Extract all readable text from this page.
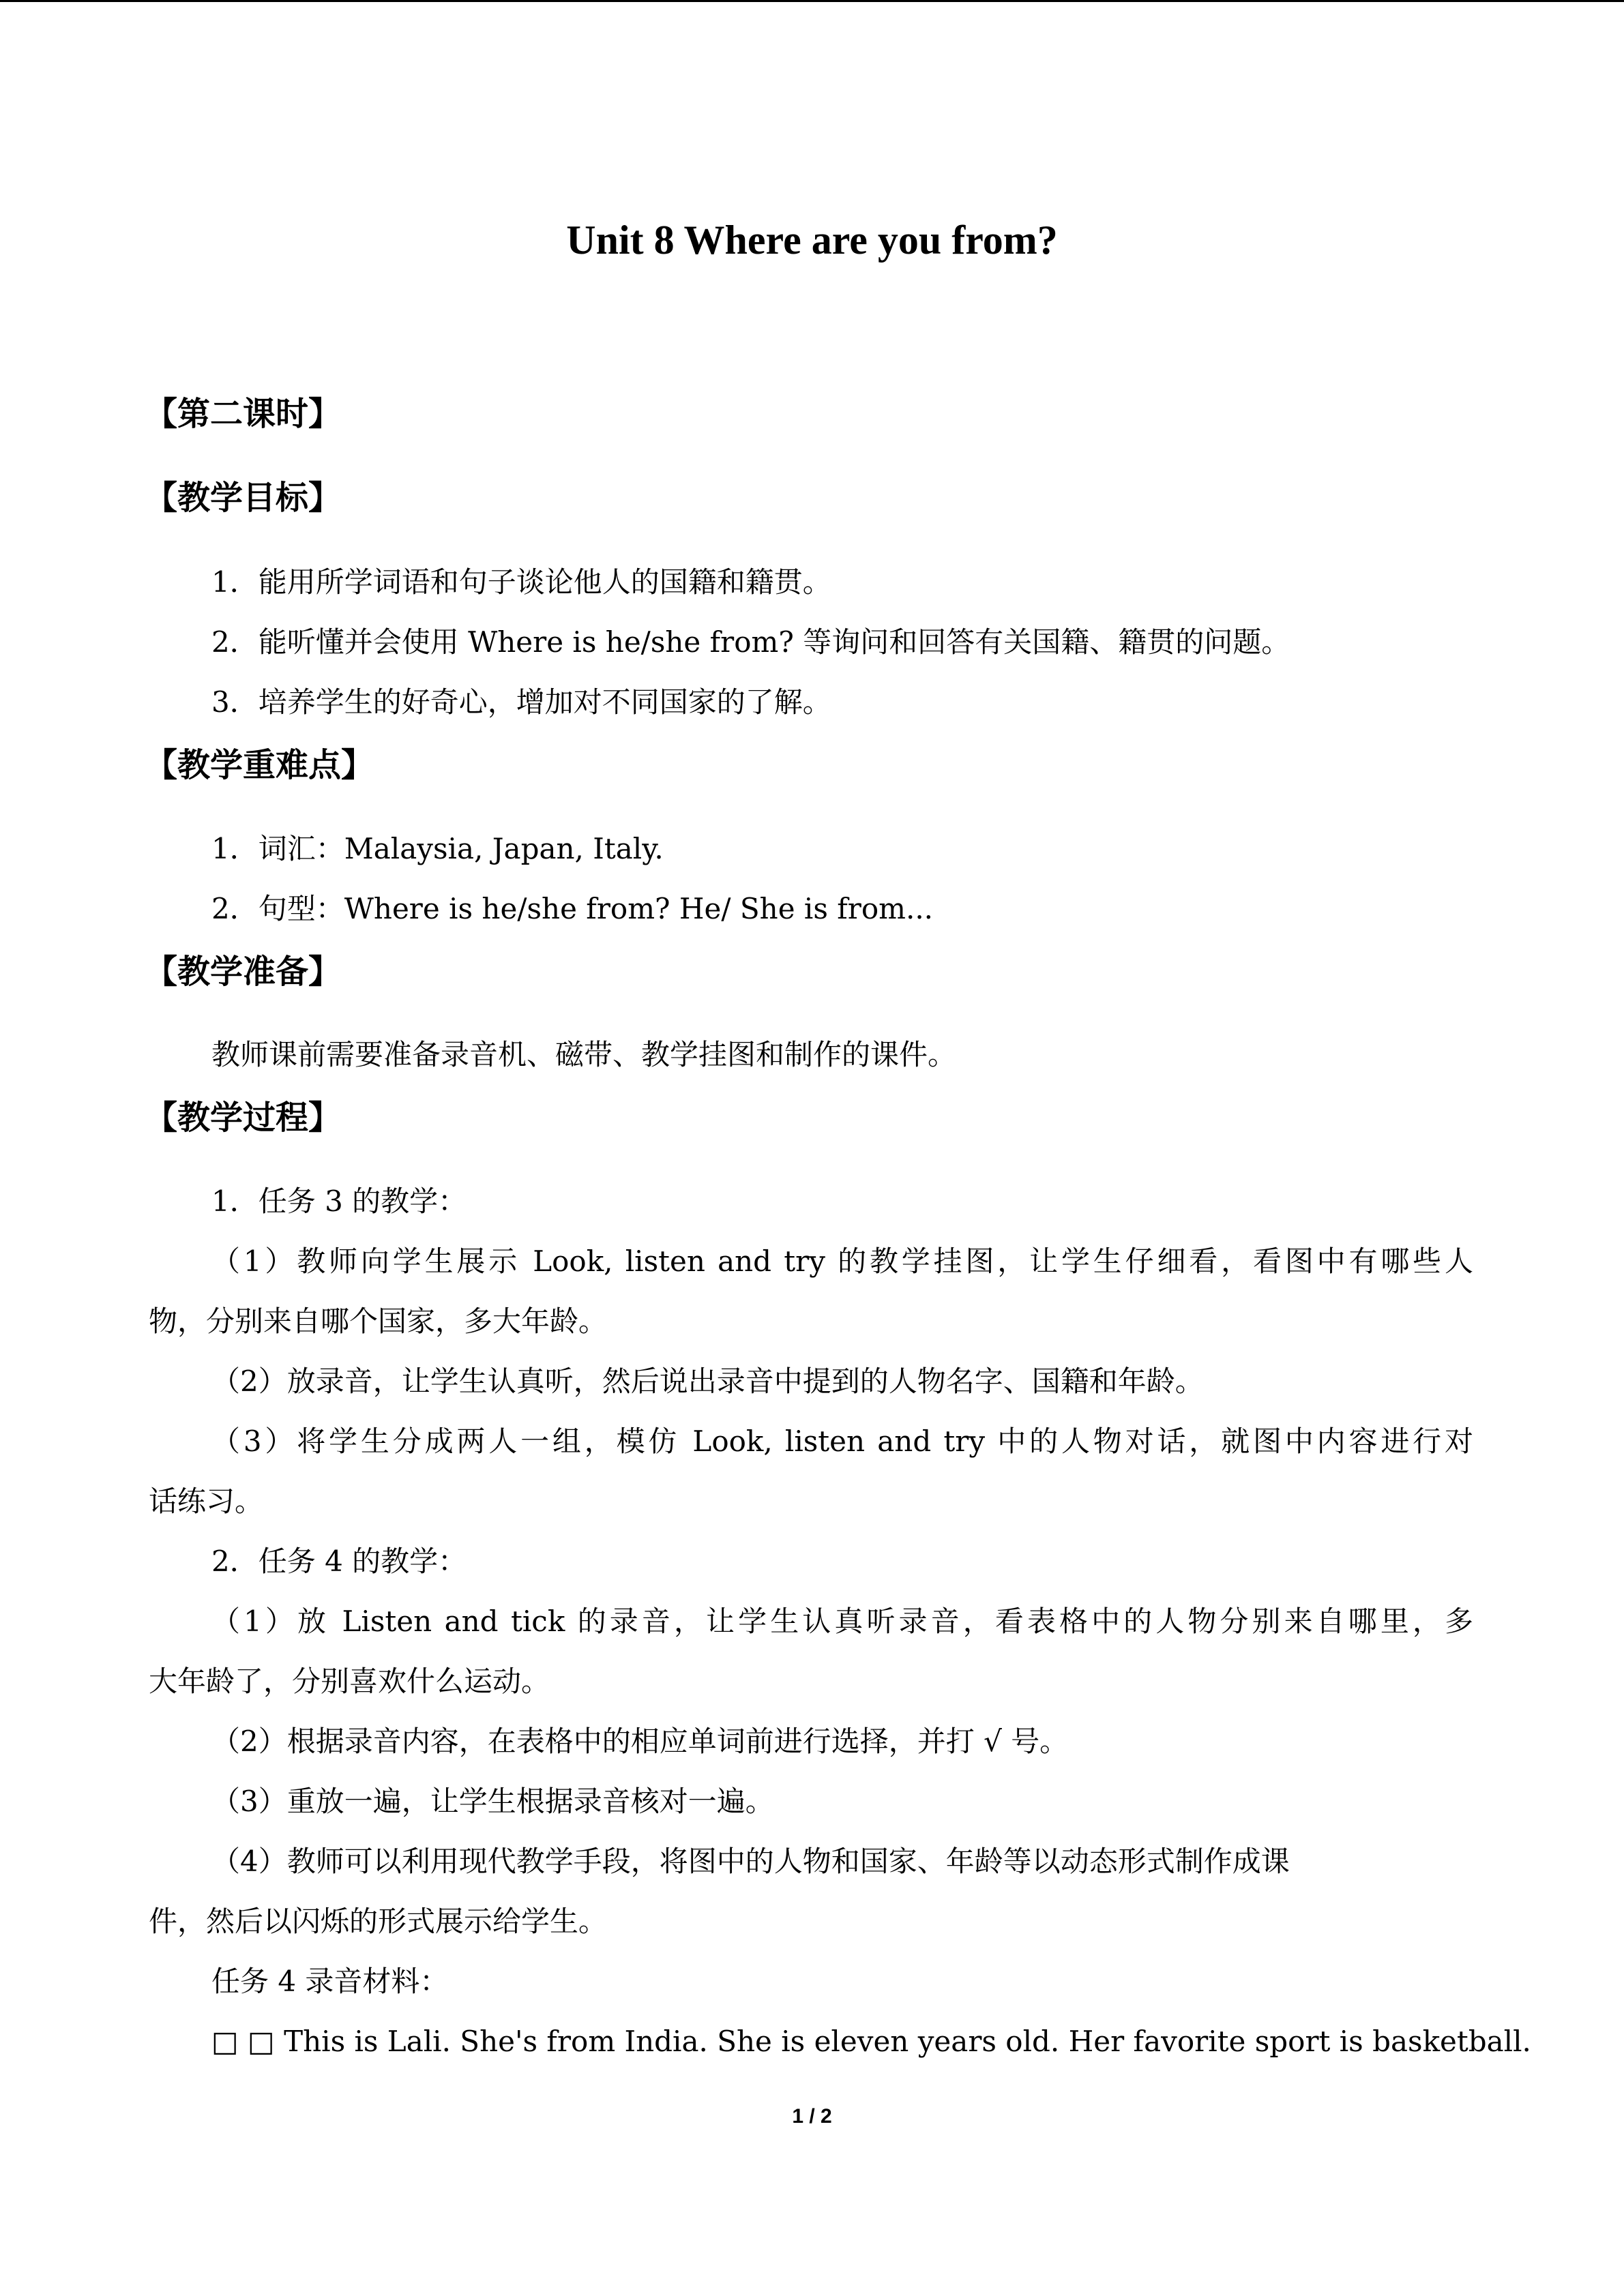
Unit 8 Where are you from?
【第二课时】
【教学目标】
1．能用所学词语和句子谈论他人的国籍和籍贯。
2．能听懂并会使用 Where is he/she from? 等询问和回答有关国籍、籍贯的问题。
3．培养学生的好奇心，增加对不同国家的了解。
【教学重难点】
1．词汇：Malaysia, Japan, Italy.
2．句型：Where is he/she from? He/ She is from...
【教学准备】
教师课前需要准备录音机、磁带、教学挂图和制作的课件。
【教学过程】
1．任务 3 的教学：
（1）教师向学生展示 Look, listen and try 的教学挂图，让学生仔细看，看图中有哪些人
物，分别来自哪个国家，多大年龄。
（2）放录音，让学生认真听，然后说出录音中提到的人物名字、国籍和年龄。
（3）将学生分成两人一组，模仿 Look, listen and try 中的人物对话，就图中内容进行对
话练习。
2．任务 4 的教学：
（1）放 Listen and tick 的录音，让学生认真听录音，看表格中的人物分别来自哪里，多
大年龄了，分别喜欢什么运动。
（2）根据录音内容，在表格中的相应单词前进行选择，并打 √ 号。
（3）重放一遍，让学生根据录音核对一遍。
（4）教师可以利用现代教学手段，将图中的人物和国家、年龄等以动态形式制作成课
件，然后以闪烁的形式展示给学生。
任务 4 录音材料：
□ □ This is Lali. She's from India. She is eleven years old. Her favorite sport is basketball.
1 / 2
